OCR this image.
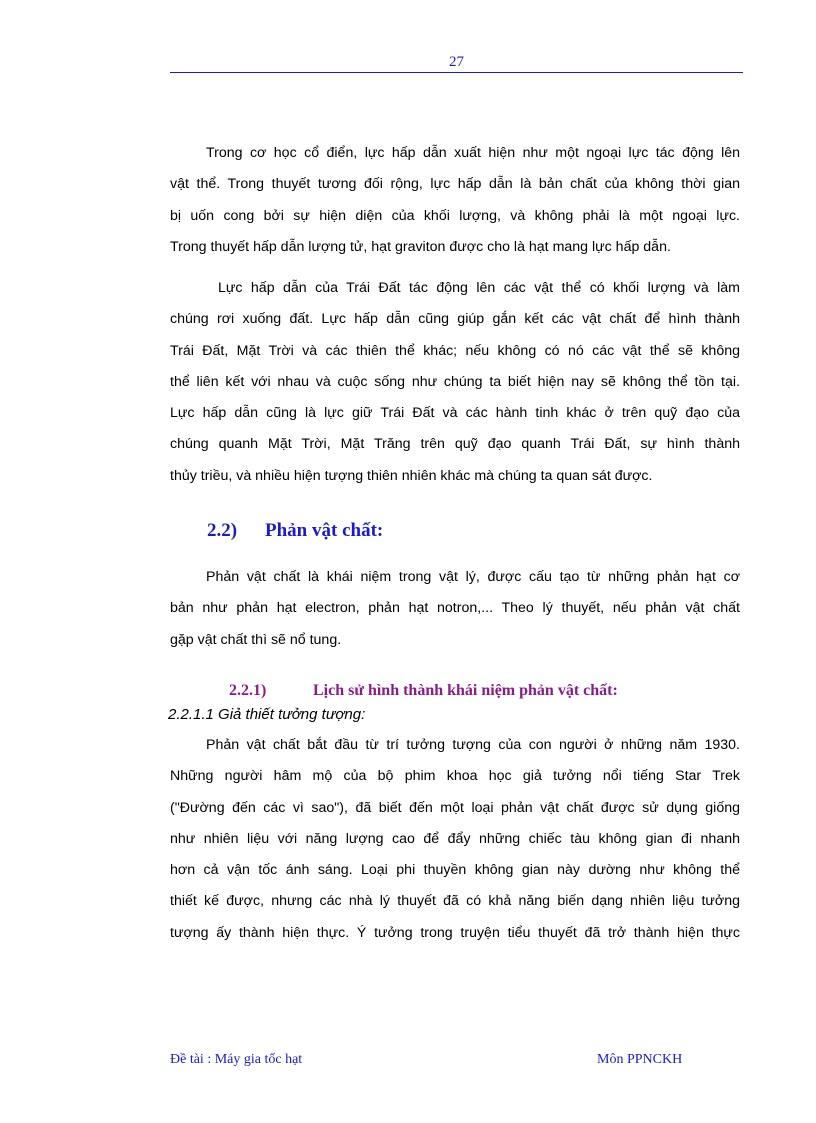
27
Trong cơ học cổ điển, lực hấp dẫn xuất hiện như một ngoại lực tác động lên
vật thể. Trong thuyết tương đối rộng, lực hấp dẫn là bản chất của không thời gian
bị uốn cong bởi sự hiện diện của khối lượng, và không phải là một ngoại lực.
Trong thuyết hấp dẫn lượng tử, hạt graviton được cho là hạt mang lực hấp dẫn.
Lực hấp dẫn của Trái Đất tác động lên các vật thể có khối lượng và làm
chúng rơi xuống đất. Lực hấp dẫn cũng giúp gắn kết các vật chất để hình thành
Trái Đất, Mặt Trời và các thiên thể khác; nếu không có nó các vật thể sẽ không
thể liên kết với nhau và cuộc sống như chúng ta biết hiện nay sẽ không thể tồn tại.
Lực hấp dẫn cũng là lực giữ Trái Đất và các hành tinh khác ở trên quỹ đạo của
chúng quanh Mặt Trời, Mặt Trăng trên quỹ đạo quanh Trái Đất, sự hình thành
thủy triều, và nhiều hiện tượng thiên nhiên khác mà chúng ta quan sát được.
2.2) Phản vật chất:
Phản vật chất là khái niệm trong vật lý, được cấu tạo từ những phản hạt cơ
bản như phản hạt electron, phản hạt notron,... Theo lý thuyết, nếu phản vật chất
gặp vật chất thì sẽ nổ tung.
2.2.1)	Lịch sử hình thành khái niệm phản vật chất:
2.2.1.1 Giả thiết tưởng tượng:
Phản vật chất bắt đầu từ trí tưởng tượng của con người ở những năm 1930.
Những người hâm mộ của bộ phim khoa học giả tưởng nổi tiếng Star Trek
("Đường đến các vì sao"), đã biết đến một loại phản vật chất được sử dụng giống
như nhiên liệu với năng lượng cao để đẩy những chiếc tàu không gian đi nhanh
hơn cả vận tốc ánh sáng. Loại phi thuyền không gian này dường như không thể
thiết kế được, nhưng các nhà lý thuyết đã có khả năng biến dạng nhiên liệu tưởng
tượng ấy thành hiện thực. Ý tưởng trong truyện tiểu thuyết đã trở thành hiện thực
Đề tài : Máy gia tốc hạt	Môn PPNCKH
